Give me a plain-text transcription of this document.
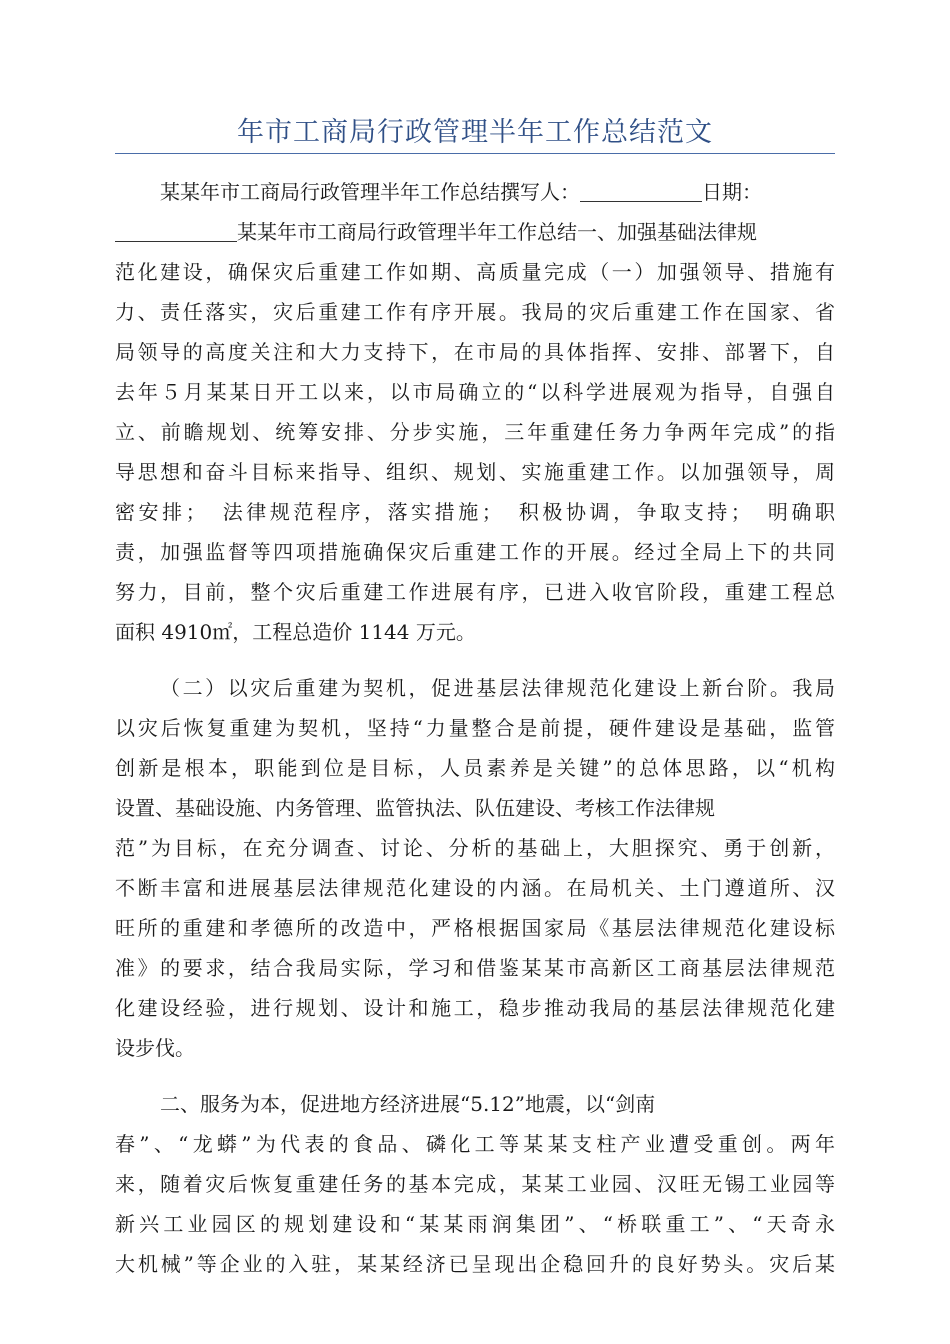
年市工商局行政管理半年工作总结范文
某某年市工商局行政管理半年工作总结撰写人：	日期：
某某年市工商局行政管理半年工作总结一、加强基础法律规
范化建设，确保灾后重建工作如期、高质量完成（一）加强领导、措施有
力、责任落实，灾后重建工作有序开展。我局的灾后重建工作在国家、省
局领导的高度关注和大力支持下，在市局的具体指挥、安排、部署下，自
去年５月某某日开工以来，以市局确立的“以科学进展观为指导，自强自
立、前瞻规划、统筹安排、分步实施，三年重建任务力争两年完成”的指
导思想和奋斗目标来指导、组织、规划、实施重建工作。以加强领导，周
密安排；　法律规范程序，落实措施；　积极协调，争取支持；　明确职
责，加强监督等四项措施确保灾后重建工作的开展。经过全局上下的共同
努力，目前，整个灾后重建工作进展有序，已进入收官阶段，重建工程总
面积 4910㎡，工程总造价 1144 万元。
（二）以灾后重建为契机，促进基层法律规范化建设上新台阶。我局
以灾后恢复重建为契机，坚持“力量整合是前提，硬件建设是基础，监管
创新是根本，职能到位是目标，人员素养是关键”的总体思路，以“机构
设置、基础设施、内务管理、监管执法、队伍建设、考核工作法律规
范”为目标，在充分调查、讨论、分析的基础上，大胆探究、勇于创新，
不断丰富和进展基层法律规范化建设的内涵。在局机关、土门遵道所、汉
旺所的重建和孝德所的改造中，严格根据国家局《基层法律规范化建设标
准》的要求，结合我局实际，学习和借鉴某某市高新区工商基层法律规范
化建设经验，进行规划、设计和施工，稳步推动我局的基层法律规范化建
设步伐。
二、服务为本，促进地方经济进展“5.12”地震，以“剑南
春”、“龙蟒”为代表的食品、磷化工等某某支柱产业遭受重创。两年
来，随着灾后恢复重建任务的基本完成，某某工业园、汉旺无锡工业园等
新兴工业园区的规划建设和“某某雨润集团”、“桥联重工”、“天奇永
大机械”等企业的入驻，某某经济已呈现出企稳回升的良好势头。灾后某
